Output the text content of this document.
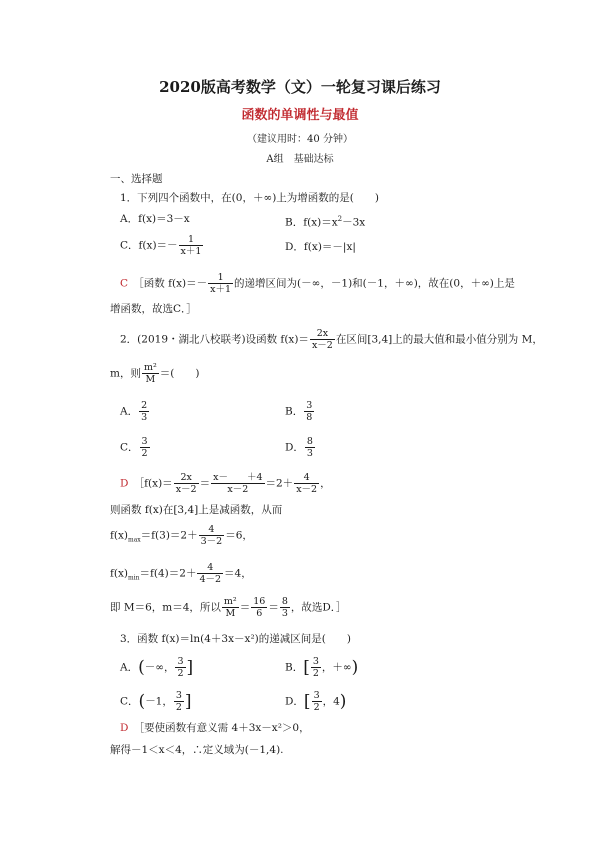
2020版高考数学（文）一轮复习课后练习
函数的单调性与最值
（建议用时：40 分钟）
A组　基础达标
一、选择题
1．下列四个函数中，在(0，＋∞)上为增函数的是(　　)
A．f(x)＝3－x	B．$f(x)=x^2-3x$
C．$f(x)=- \frac{1}{x+1}$	D．f(x)＝－|x|
C　 ［函数 $f(x)=- \frac{1}{x+1}$ 的递增区间为(－∞，－1)和(－1，＋∞)，故在(0，＋∞)上是
增函数，故选C．］
2．(2019・湖北八校联考)设函数 $f(x)= \frac{2x}{x-2}$ 在区间[3,4]上的最大值和最小值分别为 M，
m，则 $\frac{\text{m²}}{M}$ ＝(　　)
A． $\frac{2}{3}$	B． $\frac{3}{8}$
C． $\frac{3}{2}$	D． $\frac{8}{3}$
D　 ［f(x)＝ $\frac{2x}{x-2} = \frac{x- +4}{x-2} =2+ \frac{4}{x-2}$ ，
则函数 f(x)在[3,4]上是减函数，从而
$f(x)_{max}=f(3)=2+ \frac{4}{3-2} =6$，
$f(x)_{min}=f(4)=2+ \frac{4}{4-2} =4$，
即 M＝6，m＝4，所以 $\frac{\text{m²}}{M} = \frac{16}{6} = \frac{8}{3}$ ，故选D．］
3．函数 f(x)＝ln(4＋3x－x²)的递减区间是(　　)
A．(－∞， $\frac{3}{2}$ ]	B．[ $\frac{3}{2}$ ，＋∞)
C．(－1， $\frac{3}{2}$ ]	D．[ $\frac{3}{2}$ ，4)
D　 ［要使函数有意义需 4＋3x－x²＞0，
解得－1＜x＜4，∴定义域为(－1,4).
